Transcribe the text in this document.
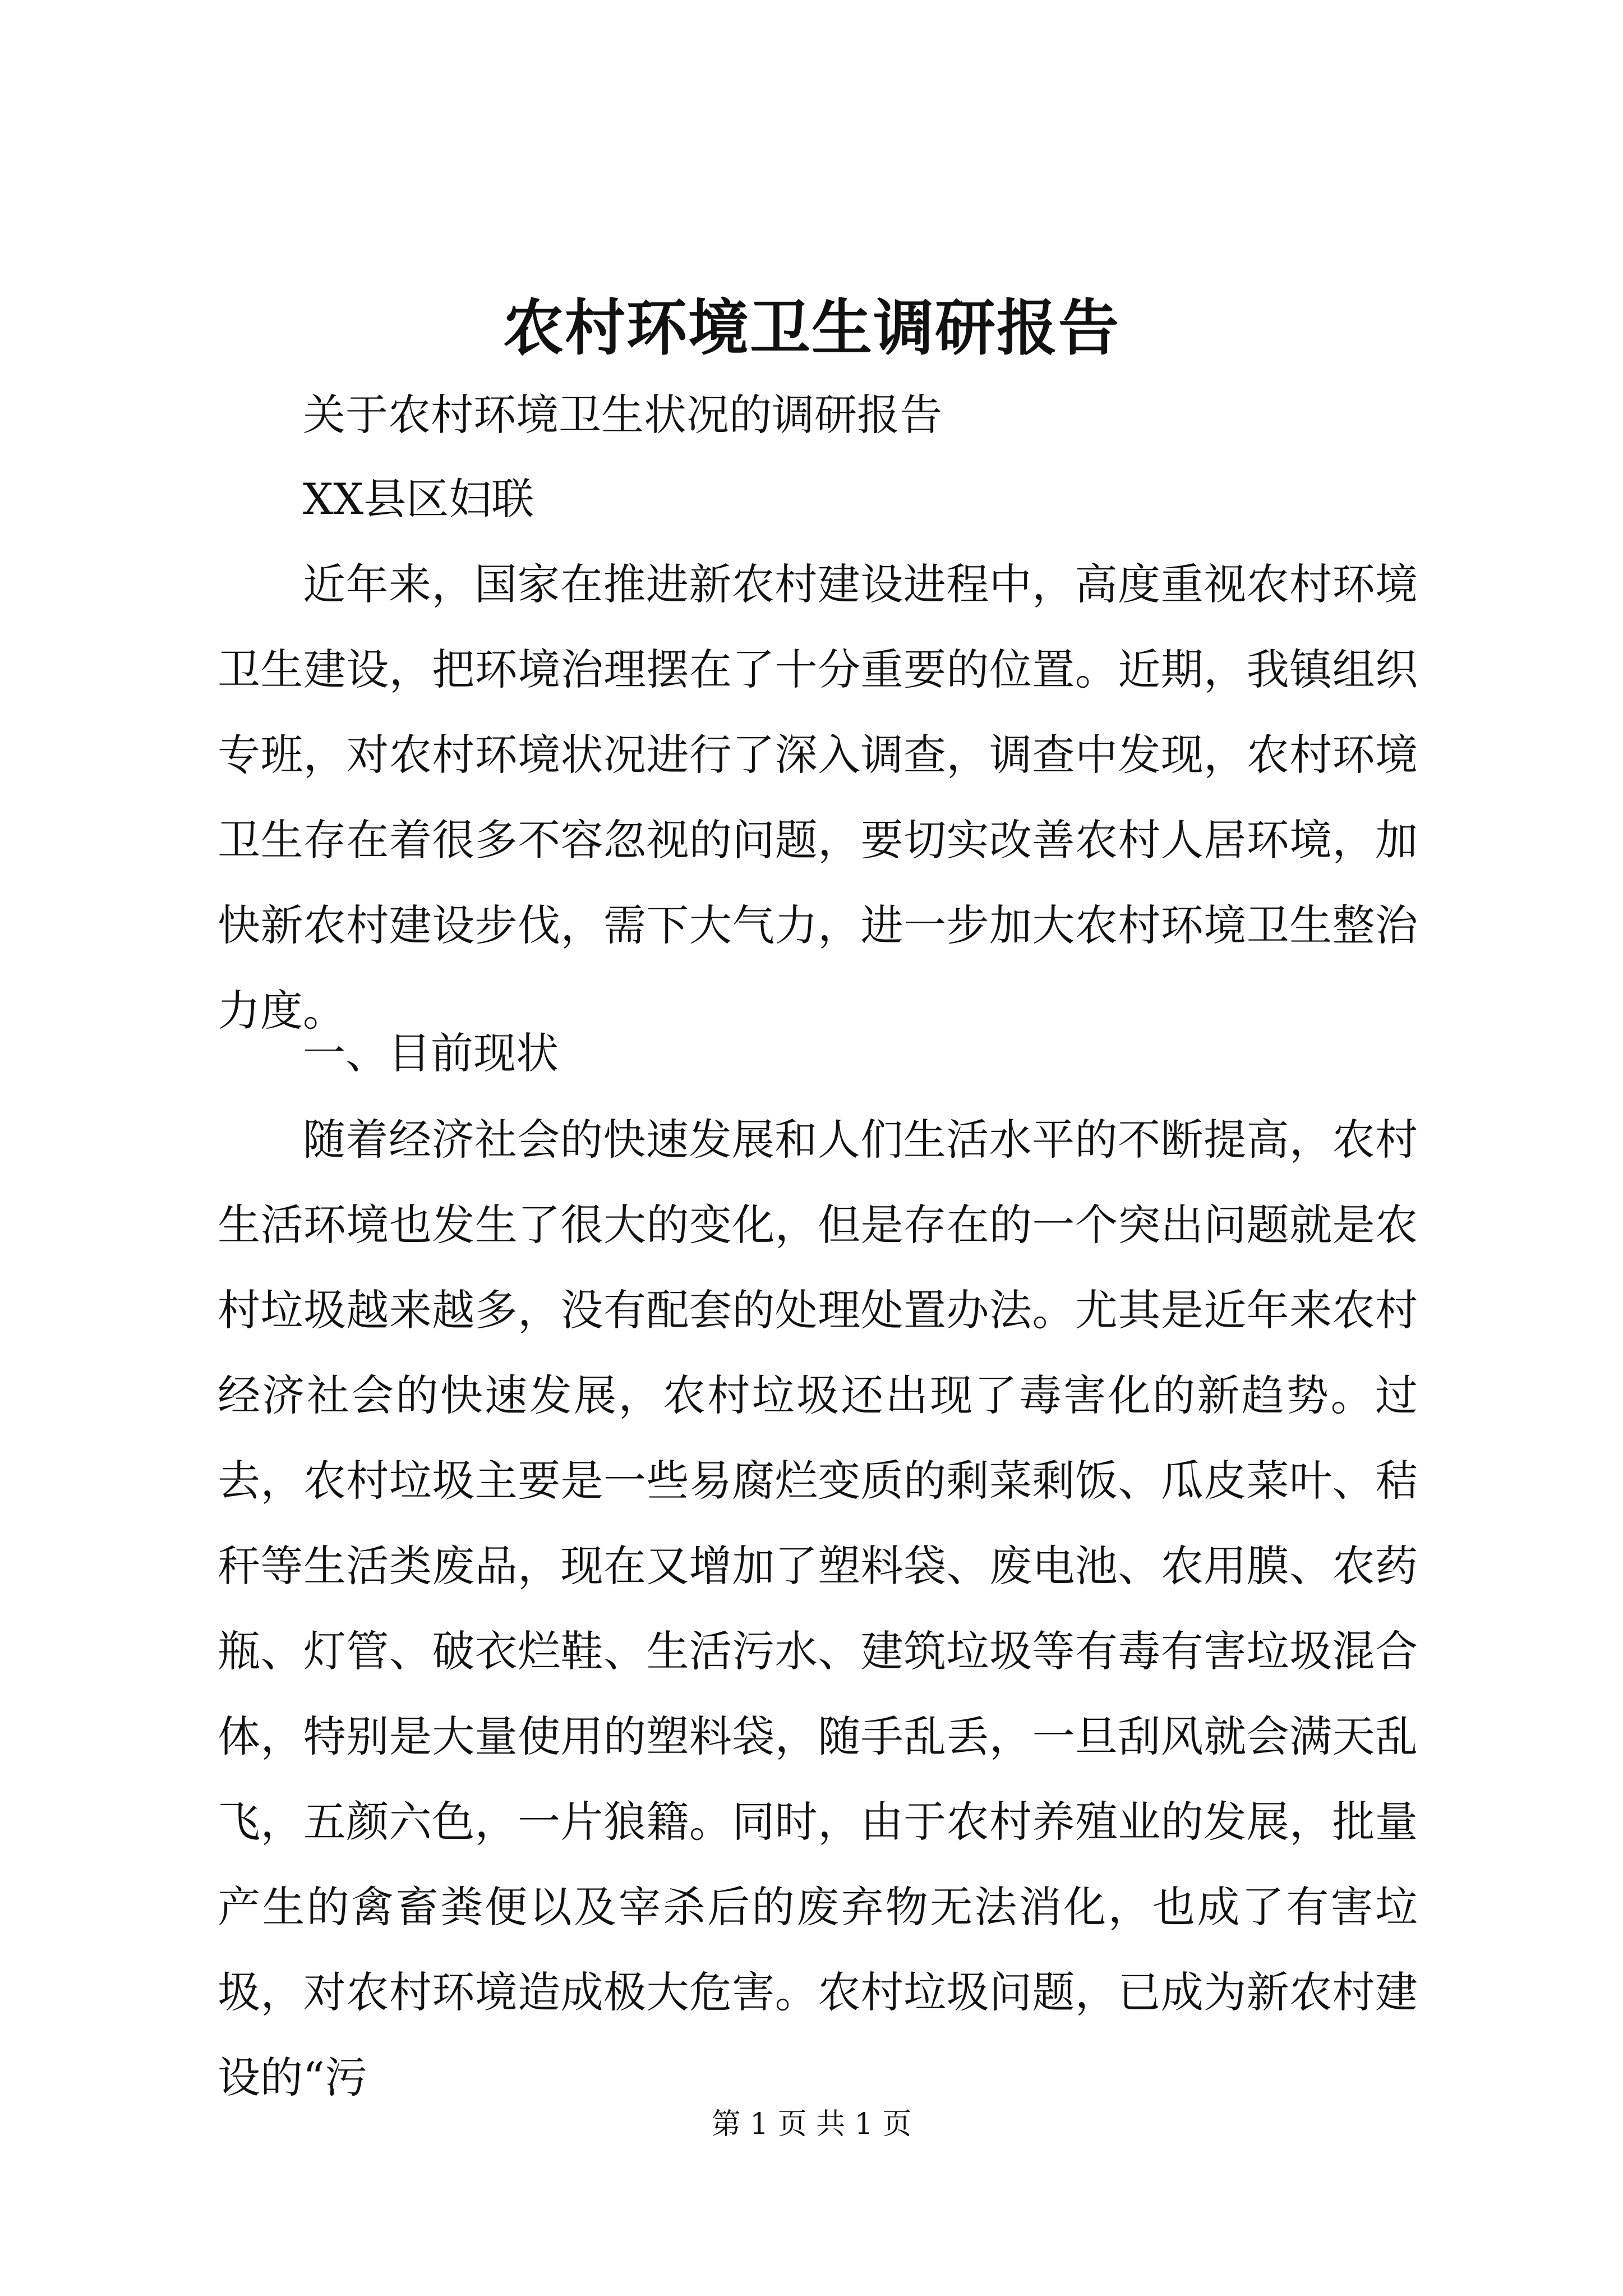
农村环境卫生调研报告
关于农村环境卫生状况的调研报告
XX县区妇联

近年来，国家在推进新农村建设进程中，高度重视农村环境卫生建设，把环境治理摆在了十分重要的位置。近期，我镇组织专班，对农村环境状况进行了深入调查，调查中发现，农村环境卫生存在着很多不容忽视的问题，要切实改善农村人居环境，加快新农村建设步伐，需下大气力，进一步加大农村环境卫生整治力度。

一、目前现状

随着经济社会的快速发展和人们生活水平的不断提高，农村生活环境也发生了很大的变化，但是存在的一个突出问题就是农村垃圾越来越多，没有配套的处理处置办法。尤其是近年来农村经济社会的快速发展，农村垃圾还出现了毒害化的新趋势。过去，农村垃圾主要是一些易腐烂变质的剩菜剩饭、瓜皮菜叶、秸秆等生活类废品，现在又增加了塑料袋、废电池、农用膜、农药瓶、灯管、破衣烂鞋、生活污水、建筑垃圾等有毒有害垃圾混合体，特别是大量使用的塑料袋，随手乱丢，一旦刮风就会满天乱飞，五颜六色，一片狼籍。同时，由于农村养殖业的发展，批量产生的禽畜粪便以及宰杀后的废弃物无法消化，也成了有害垃圾，对农村环境造成极大危害。农村垃圾问题，已成为新农村建设的“污

第 1 页 共 1 页
